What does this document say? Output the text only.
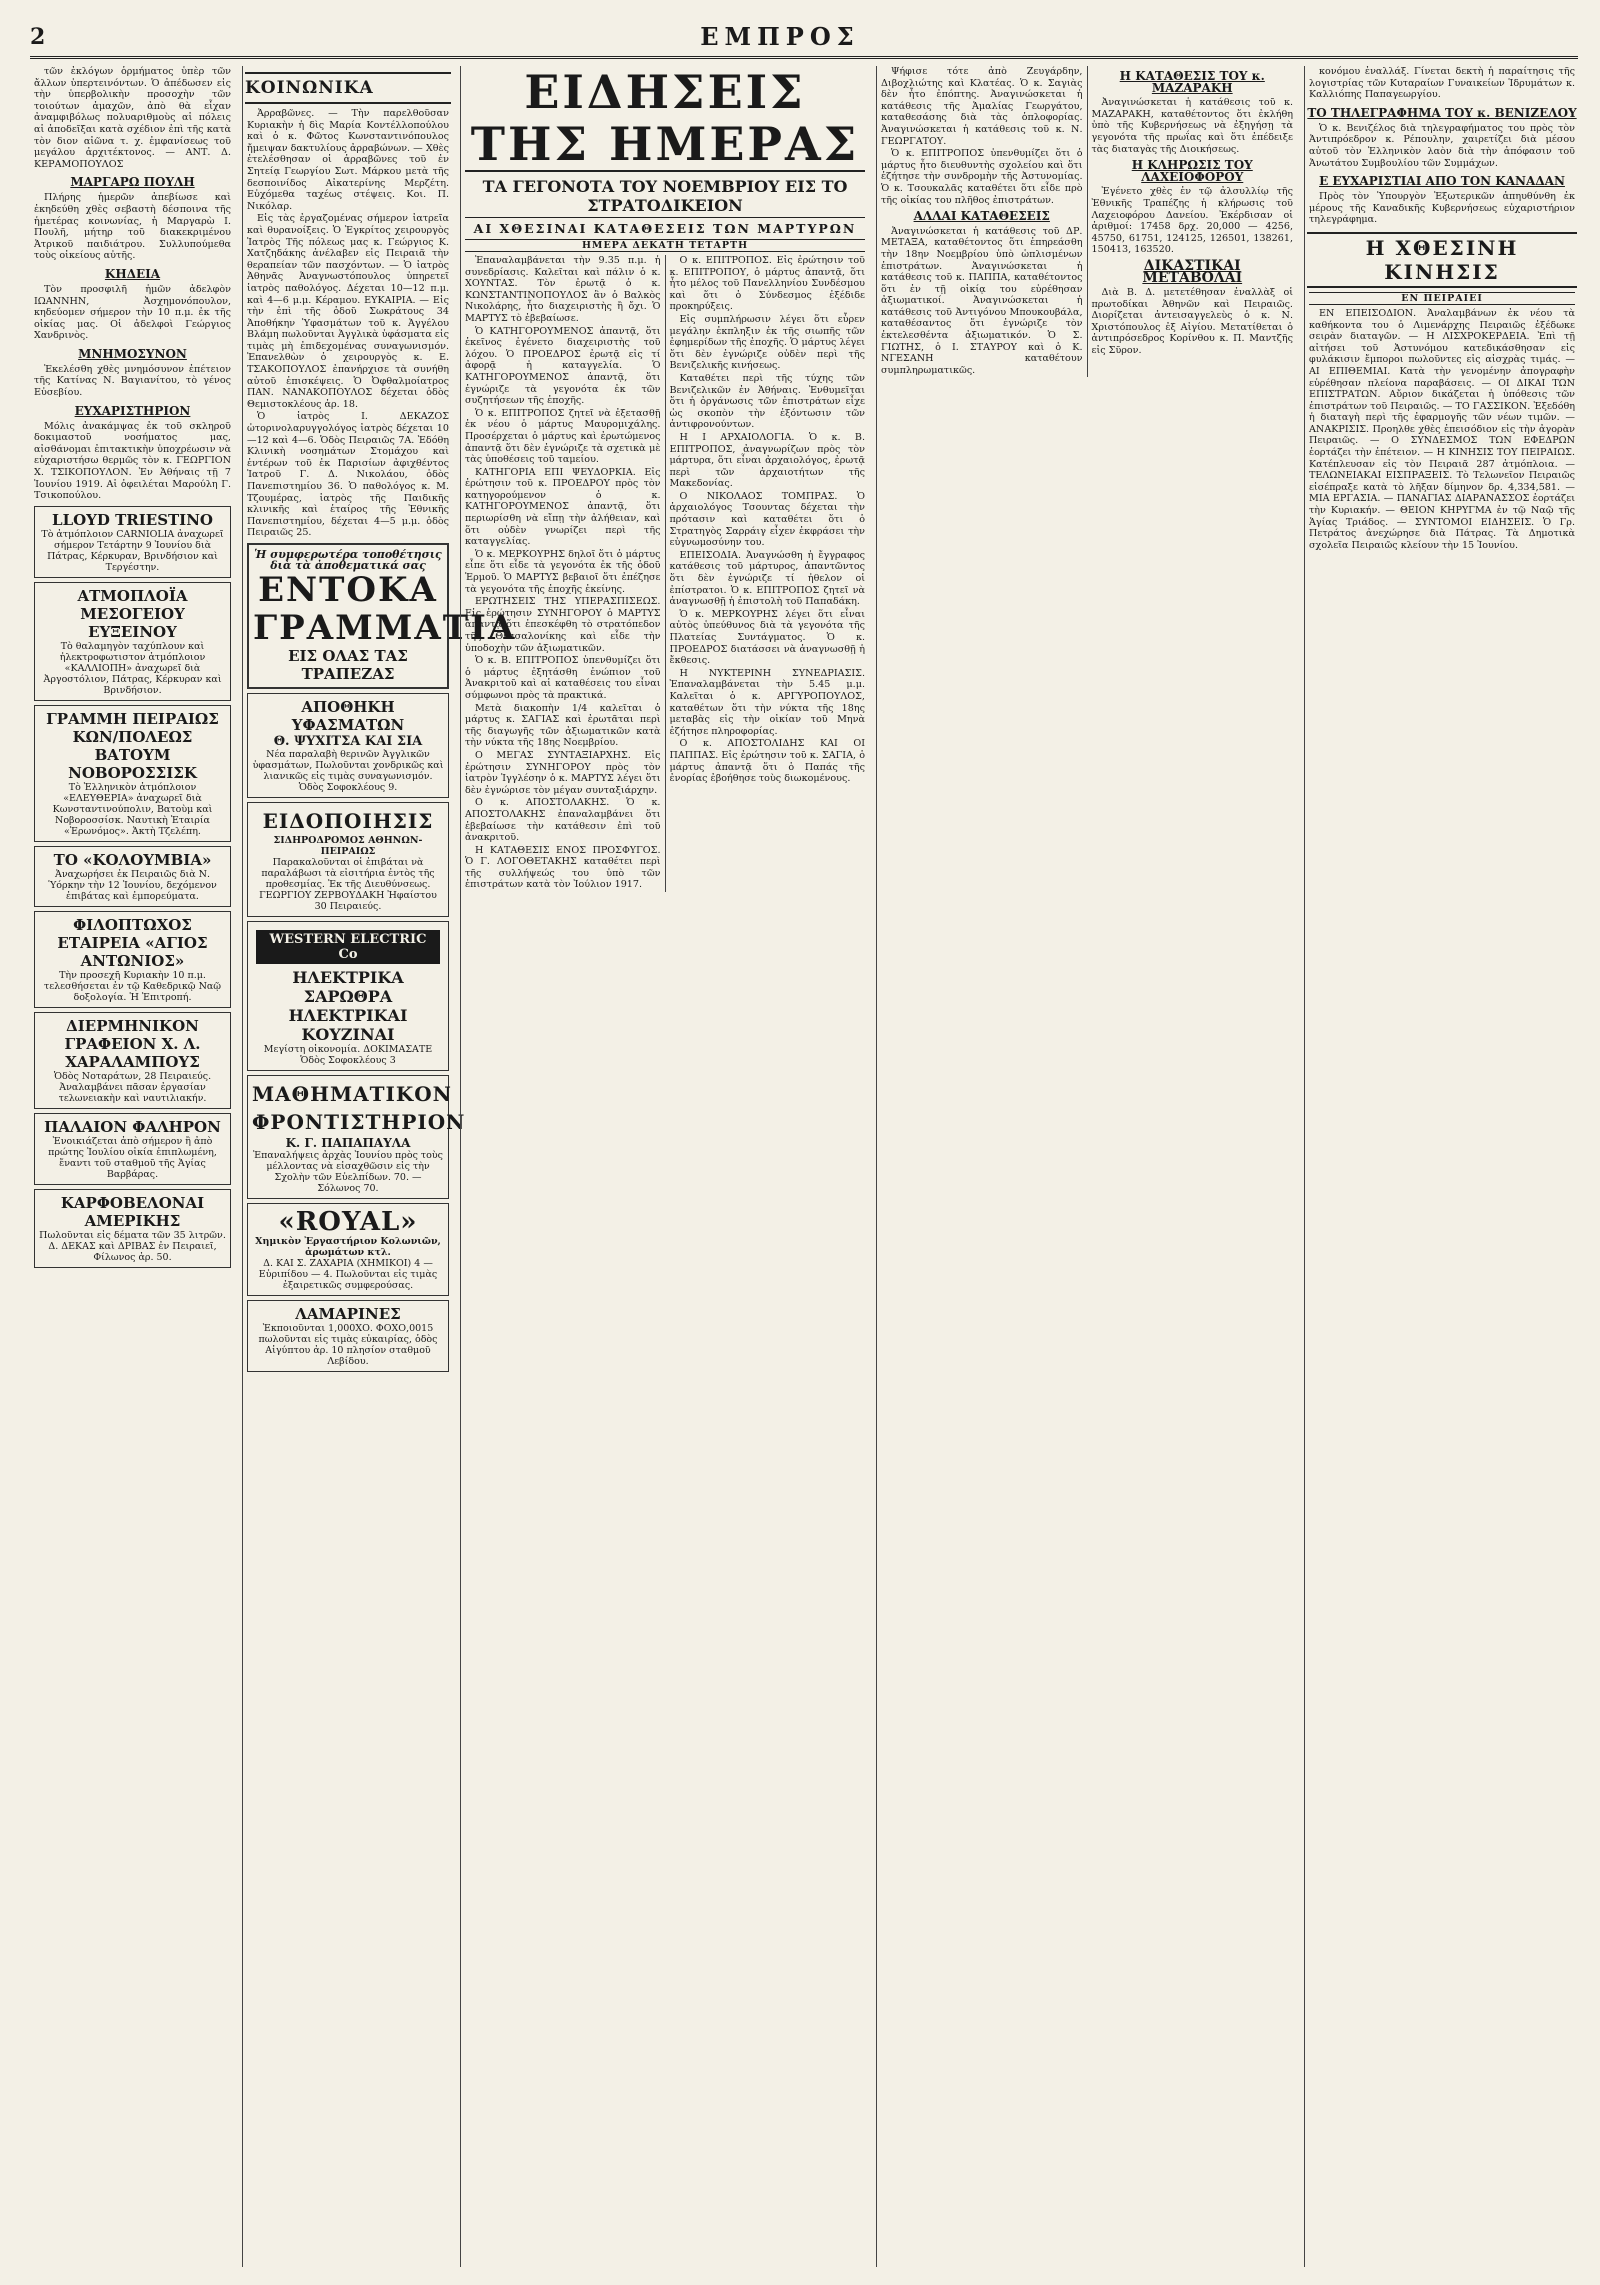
2	ΕΜΠΡΟΣ

τῶν ἐκλόγων ὁρμήματος ὑπὲρ τῶν ἄλλων ὑπερτεινόντων. Ὁ ἀπέδωσεν εἰς τὴν ὑπερβολικὴν προσοχὴν τῶν τοιούτων ἀμαχῶν, ἀπὸ θὰ εἶχαν ἀναμφιβόλως πολυαριθμοὺς αἱ πόλεις αἱ ἀποδεῖξαι κατὰ σχέδιον ἐπὶ τῆς κατὰ τὸν διον αἰῶνα τ. χ. ἐμφανίσεως τοῦ μεγάλου ἀρχιτέκτονος. — ΑΝΤ. Δ. ΚΕΡΑΜΟΠΟΥΛΟΣ

ΜΑΡΓΑΡΩ ΠΟΥΛΗ

Πλήρης ἡμερῶν ἀπεβίωσε καὶ ἐκηδεύθη χθὲς σεβαστὴ δέσποινα τῆς ἡμετέρας κοινωνίας, ἡ Μαργαρὼ Ι. Πουλῆ, μήτηρ τοῦ διακεκριμένου Ἀτρικοῦ παιδιάτρου. Συλλυπούμεθα τοὺς οἰκείους αὐτῆς.

ΚΗΔΕΙΑ

Τὸν προσφιλῆ ἡμῶν ἀδελφὸν ΙΩΑΝΝΗΝ, Ἀσχημονόπουλον, κηδεύομεν σήμερον τὴν 10 π.μ. ἐκ τῆς οἰκίας μας. Οἱ ἀδελφοὶ Γεώργιος Χανδρινὸς.

ΜΝΗΜΟΣΥΝΟΝ

Ἐκελέσθη χθὲς μνημόσυνον ἐπέτειον τῆς Κατίνας Ν. Βαγιανίτου, τὸ γένος Εὐσεβίου.

ΕΥΧΑΡΙΣΤΗΡΙΟΝ

Μόλις ἀνακάμψας ἐκ τοῦ σκληροῦ δοκιμαστοῦ νοσήματος μας, αἰσθάνομαι ἐπιτακτικὴν ὑποχρέωσιν νὰ εὐχαριστήσω θερμῶς τὸν κ. ΓΕΩΡΓΙΟΝ Χ. ΤΣΙΚΟΠΟΥΛΟΝ. Ἐν Ἀθήναις τῇ 7 Ἰουνίου 1919. Αἱ ὀφειλέται Μαρούλη Γ. Τσικοπούλου.

LLOYD TRIESTINO
Τὸ ἀτμόπλοιον CARNIOLIA ἀναχωρεῖ σήμερον Τετάρτην 9 Ἰουνίου διὰ Πάτρας, Κέρκυραν, Βρινδήσιον καὶ Τεργέστην.
ΑΤΜΟΠΛΟΪΑ ΜΕΣΟΓΕΙΟΥ ΕΥΞΕΙΝΟΥ
Τὸ θαλαμηγὸν ταχύπλουν καὶ ἠλεκτροφωτιστον ἀτμόπλοιον «ΚΑΛΛΙΟΠΗ» ἀναχωρεῖ διὰ Ἀργοστόλιον, Πάτρας, Κέρκυραν καὶ Βρινδήσιον.
ΓΡΑΜΜΗ ΠΕΙΡΑΙΩΣ ΚΩΝ/ΠΟΛΕΩΣ ΒΑΤΟΥΜ ΝΟΒΟΡΟΣΣΙΣΚ
Τὸ Ἑλληνικὸν ἀτμόπλοιον «ΕΛΕΥΘΕΡΙΑ» ἀναχωρεῖ διὰ Κωνσταντινούπολιν, Βατοὺμ καὶ Νοβοροσσίσκ. Ναυτικὴ Ἑταιρία «Ἐρωνόμος». Ἀκτὴ Τζελέπη.
ΤΟ «ΚΟΛΟΥΜΒΙΑ»
Ἀναχωρήσει ἐκ Πειραιῶς διὰ Ν. Ὑόρκην τὴν 12 Ἰουνίου, δεχόμενον ἐπιβάτας καὶ ἐμπορεύματα.
ΦΙΛΟΠΤΩΧΟΣ ΕΤΑΙΡΕΙΑ «ΑΓΙΟΣ ΑΝΤΩΝΙΟΣ»
Τὴν προσεχῆ Κυριακὴν 10 π.μ. τελεσθήσεται ἐν τῷ Καθεδρικῷ Ναῷ δοξολογία. Ἡ Ἐπιτροπή.
ΔΙΕΡΜΗΝΙΚΟΝ ΓΡΑΦΕΙΟΝ Χ. Λ. ΧΑΡΑΛΑΜΠΟΥΣ
Ὁδὸς Νοταράτων, 28 Πειραιεύς. Ἀναλαμβάνει πᾶσαν ἐργασίαν τελωνειακὴν καὶ ναυτιλιακήν.
ΠΑΛΑΙΟΝ ΦΑΛΗΡΟΝ
Ἐνοικιάζεται ἀπὸ σήμερον ἢ ἀπὸ πρώτης Ἰουλίου οἰκία ἐπιπλωμένη, ἔναντι τοῦ σταθμοῦ τῆς Ἀγίας Βαρβάρας.
ΚΑΡΦΟΒΕΛΟΝΑΙ ΑΜΕΡΙΚΗΣ
Πωλοῦνται εἰς δέματα τῶν 35 λιτρῶν. Δ. ΔΕΚΑΣ καὶ ΔΡΙΒΑΣ ἐν Πειραιεῖ, Φίλωνος ἀρ. 50.
ΚΟΙΝΩΝΙΚΑ

Ἀρραβῶνες. — Τὴν παρελθοῦσαν Κυριακὴν ἡ δὶς Μαρία Κοντέλλοπούλου καὶ ὁ κ. Φῶτος Κωνσταντινόπουλος ἤμειψαν δακτυλίους ἀρραβώνων. — Χθὲς ἐτελέσθησαν οἱ ἀρραβῶνες τοῦ ἐν Σητείᾳ Γεωργίου Σωτ. Μάρκου μετὰ τῆς δεσποινίδος Αἰκατερίνης Μερζέτη. Εὐχόμεθα ταχέως στέψεις. Κοι. Π. Νικόλαρ.

Εἰς τὰς ἐργαζομένας σήμερον ἰατρεῖα καὶ θυρανοίξεις. Ὁ Ἐγκρίτος χειρουργὸς Ἰατρὸς Τῆς πόλεως μας κ. Γεώργιος Κ. Χατζηδάκης ἀνέλαβεν εἰς Πειραιᾶ τὴν θεραπείαν τῶν πασχόντων. — Ὁ ἰατρὸς Ἀθηνᾶς Ἀναγνωστόπουλος ὑπηρετεῖ ἰατρὸς παθολόγος. Δέχεται 10—12 π.μ. καὶ 4—6 μ.μ. Κέραμου. ΕΥΚΑΙΡΙΑ. — Εἰς τὴν ἐπὶ τῆς ὁδοῦ Σωκράτους 34 Ἀποθήκην Ὑφασμάτων τοῦ κ. Ἀγγέλου Βλάμη πωλοῦνται Ἀγγλικὰ ὑφάσματα εἰς τιμὰς μὴ ἐπιδεχομένας συναγωνισμόν. Ἐπανελθὼν ὁ χειρουργὸς κ. Ε. ΤΣΑΚΟΠΟΥΛΟΣ ἐπανήρχισε τὰ συνήθη αὐτοῦ ἐπισκέψεις. Ὁ Ὀφθαλμοίατρος ΠΑΝ. ΝΑΝΑΚΟΠΟΥΛΟΣ δέχεται ὁδὸς Θεμιστοκλέους ἀρ. 18.

Ὁ ἰατρὸς Ι. ΔΕΚΑΖΟΣ ὠτορινολαρυγγολόγος ἰατρὸς δέχεται 10—12 καὶ 4—6. Ὁδὸς Πειραιῶς 7Α. Ἐδόθη Κλινικὴ νοσημάτων Στομάχου καὶ ἐντέρων τοῦ ἐκ Παρισίων ἀφιχθέντος Ἰατροῦ Γ. Δ. Νικολάου, ὁδὸς Πανεπιστημίου 36. Ὁ παθολόγος κ. Μ. Τζουμέρας, ἱατρὸς τῆς Παιδικῆς κλινικῆς καὶ ἑταίρος τῆς Ἐθνικῆς Πανεπιστημίου, δέχεται 4—5 μ.μ. ὁδὸς Πειραιῶς 25.

Ἡ συμφερωτέρα τοποθέτησις διὰ τὰ ἀποθεματικά σας
ΕΝΤΟΚΑ ΓΡΑΜΜΑΤΙΑ
ΕΙΣ ΟΛΑΣ ΤΑΣ ΤΡΑΠΕΖΑΣ
ΑΠΟΘΗΚΗ ΥΦΑΣΜΑΤΩΝ
Θ. ΨΥΧΙΤΣΑ ΚΑΙ ΣΙΑ
Νέα παραλαβὴ θερινῶν Ἀγγλικῶν ὑφασμάτων, Πωλοῦνται χονδρικῶς καὶ λιανικῶς εἰς τιμὰς συναγωνισμόν. Ὁδὸς Σοφοκλέους 9.
ΕΙΔΟΠΟΙΗΣΙΣ
ΣΙΔΗΡΟΔΡΟΜΟΣ ΑΘΗΝΩΝ-ΠΕΙΡΑΙΩΣ
Παρακαλοῦνται οἱ ἐπιβάται νὰ παραλάβωσι τὰ εἰσιτήρια ἐντὸς τῆς προθεσμίας. Ἐκ τῆς Διευθύνσεως. ΓΕΩΡΓΙΟΥ ΖΕΡΒΟΥΔΑΚΗ Ἠφαίστου 30 Πειραιεύς.
WESTERN ELECTRIC Co
ΗΛΕΚΤΡΙΚΑ ΣΑΡΩΘΡΑ ΗΛΕΚΤΡΙΚΑΙ ΚΟΥΖΙΝΑΙ
Μεγίστη οἰκονομία. ΔΟΚΙΜΑΣΑΤΕ Ὁδὸς Σοφοκλέους 3
ΜΑΘΗΜΑΤΙΚΟΝ ΦΡΟΝΤΙΣΤΗΡΙΟΝ
Κ. Γ. ΠΑΠΑΠΑΥΛΑ
Ἐπαναλήψεις ἀρχὰς Ἰουνίου πρὸς τοὺς μέλλοντας νὰ εἰσαχθῶσιν εἰς τὴν Σχολὴν τῶν Εὐελπίδων. 70. — Σόλωνος 70.
«ROYAL»
Χημικὸν Ἐργαστήριον Κολωνιῶν, ἀρωμάτων κτλ.
Δ. ΚΑΙ Σ. ΖΑΧΑΡΙΑ (ΧΗΜΙΚΟΙ) 4 — Εὐριπίδου — 4. Πωλοῦνται εἰς τιμὰς ἐξαιρετικῶς συμφερούσας.
ΛΑΜΑΡΙΝΕΣ
Ἐκποιοῦνται 1,000ΧΟ. ΦΟΧΟ,0015 πωλοῦνται εἰς τιμὰς εὐκαιρίας, ὁδὸς Αἰγύπτου ἀρ. 10 πλησίον σταθμοῦ Λεβίδου.
ΕΙΔΗΣΕΙΣ ΤΗΣ ΗΜΕΡΑΣ
ΤΑ ΓΕΓΟΝΟΤΑ ΤΟΥ ΝΟΕΜΒΡΙΟΥ ΕΙΣ ΤΟ ΣΤΡΑΤΟΔΙΚΕΙΟΝ
ΑΙ ΧΘΕΣΙΝΑΙ ΚΑΤΑΘΕΣΕΙΣ ΤΩΝ ΜΑΡΤΥΡΩΝ
ΗΜΕΡΑ ΔΕΚΑΤΗ ΤΕΤΑΡΤΗ

Ἐπαναλαμβάνεται τὴν 9.35 π.μ. ἡ συνεδρίασις. Καλεῖται καὶ πάλιν ὁ κ. ΧΟΥΝΤΑΣ. Τὸν ἐρωτᾷ ὁ κ. ΚΩΝΣΤΑΝΤΙΝΟΠΟΥΛΟΣ ἂν ὁ Βαλκὸς Νικολάρης, ἦτο διαχειριστὴς ἢ ὄχι. Ὁ ΜΑΡΤΥΣ τὸ ἐβεβαίωσε.

Ὁ ΚΑΤΗΓΟΡΟΥΜΕΝΟΣ ἀπαντᾷ, ὅτι ἐκεῖνος ἐγένετο διαχειριστὴς τοῦ λόχου. Ὁ ΠΡΟΕΔΡΟΣ ἐρωτᾷ εἰς τί ἀφορᾷ ἡ καταγγελία. Ὁ ΚΑΤΗΓΟΡΟΥΜΕΝΟΣ ἀπαντᾷ, ὅτι ἐγνώριζε τὰ γεγονότα ἐκ τῶν συζητήσεων τῆς ἐποχῆς.

Ὁ κ. ΕΠΙΤΡΟΠΟΣ ζητεῖ νὰ ἐξετασθῇ ἐκ νέου ὁ μάρτυς Μαυρομιχάλης. Προσέρχεται ὁ μάρτυς καὶ ἐρωτώμενος ἀπαντᾷ ὅτι δὲν ἐγνώριζε τὰ σχετικὰ μὲ τὰς ὑποθέσεις τοῦ ταμείου.

ΚΑΤΗΓΟΡΙΑ ΕΠΙ ΨΕΥΔΟΡΚΙΑ. Εἰς ἐρώτησιν τοῦ κ. ΠΡΟΕΔΡΟΥ πρὸς τὸν κατηγορούμενον ὁ κ. ΚΑΤΗΓΟΡΟΥΜΕΝΟΣ ἀπαντᾷ, ὅτι περιωρίσθη νὰ εἴπῃ τὴν ἀλήθειαν, καὶ ὅτι οὐδὲν γνωρίζει περὶ τῆς καταγγελίας.

Ὁ κ. ΜΕΡΚΟΥΡΗΣ δηλοῖ ὅτι ὁ μάρτυς εἶπε ὅτι εἶδε τὰ γεγονότα ἐκ τῆς ὁδοῦ Ἑρμοῦ. Ὁ ΜΑΡΤΥΣ βεβαιοῖ ὅτι ἐπέζησε τὰ γεγονότα τῆς ἐποχῆς ἐκείνης.

ΕΡΩΤΗΣΕΙΣ ΤΗΣ ΥΠΕΡΑΣΠΙΣΕΩΣ. Εἰς ἐρώτησιν ΣΥΝΗΓΟΡΟΥ ὁ ΜΑΡΤΥΣ ἀπαντᾷ ὅτι ἐπεσκέφθη τὸ στρατόπεδον τῆς Θεσσαλονίκης καὶ εἶδε τὴν ὑποδοχὴν τῶν ἀξιωματικῶν.

Ὁ κ. Β. ΕΠΙΤΡΟΠΟΣ ὑπενθυμίζει ὅτι ὁ μάρτυς ἐξητάσθη ἐνώπιον τοῦ Ἀνακριτοῦ καὶ αἱ καταθέσεις του εἶναι σύμφωνοι πρὸς τὰ πρακτικά.

Μετὰ διακοπὴν 1/4 καλεῖται ὁ μάρτυς κ. ΣΑΓΙΑΣ καὶ ἐρωτᾶται περὶ τῆς διαγωγῆς τῶν ἀξιωματικῶν κατὰ τὴν νύκτα τῆς 18ης Νοεμβρίου.

Ο ΜΕΓΑΣ ΣΥΝΤΑΞΙΑΡΧΗΣ. Εἰς ἐρώτησιν ΣΥΝΗΓΟΡΟΥ πρὸς τὸν ἰατρὸν Ἰγγλέσην ὁ κ. ΜΑΡΤΥΣ λέγει ὅτι δὲν ἐγνώρισε τὸν μέγαν συνταξιάρχην.

Ο κ. ΑΠΟΣΤΟΛΑΚΗΣ. Ὁ κ. ΑΠΟΣΤΟΛΑΚΗΣ ἐπαναλαμβάνει ὅτι ἐβεβαίωσε τὴν κατάθεσιν ἐπὶ τοῦ ἀνακριτοῦ.

Η ΚΑΤΑΘΕΣΙΣ ΕΝΟΣ ΠΡΟΣΦΥΓΟΣ. Ὁ Γ. ΛΟΓΟΘΕΤΑΚΗΣ καταθέτει περὶ τῆς συλλήψεώς του ὑπὸ τῶν ἐπιστράτων κατὰ τὸν Ἰούλιον 1917.

Ο κ. ΕΠΙΤΡΟΠΟΣ. Εἰς ἐρώτησιν τοῦ κ. ΕΠΙΤΡΟΠΟΥ, ὁ μάρτυς ἀπαντᾷ, ὅτι ἦτο μέλος τοῦ Πανελληνίου Συνδέσμου καὶ ὅτι ὁ Σύνδεσμος ἐξέδιδε προκηρύξεις.

Εἰς συμπλήρωσιν λέγει ὅτι εὗρεν μεγάλην ἐκπληξιν ἐκ τῆς σιωπῆς τῶν ἐφημερίδων τῆς ἐποχῆς. Ὁ μάρτυς λέγει ὅτι δὲν ἐγνώριζε οὐδὲν περὶ τῆς Βενιζελικῆς κινήσεως.

Καταθέτει περὶ τῆς τύχης τῶν Βενιζελικῶν ἐν Ἀθήναις. Ἐνθυμεῖται ὅτι ἡ ὀργάνωσις τῶν ἐπιστράτων εἶχε ὡς σκοπὸν τὴν ἐξόντωσιν τῶν ἀντιφρονούντων.

Η Ι ΑΡΧΑΙΟΛΟΓΙΑ. Ὁ κ. Β. ΕΠΙΤΡΟΠΟΣ, ἀναγνωρίζων πρὸς τὸν μάρτυρα, ὅτι εἶναι ἀρχαιολόγος, ἐρωτᾷ περὶ τῶν ἀρχαιοτήτων τῆς Μακεδονίας.

Ο ΝΙΚΟΛΑΟΣ ΤΟΜΠΡΑΣ. Ὁ ἀρχαιολόγος Τσουντας δέχεται τὴν πρότασιν καὶ καταθέτει ὅτι ὁ Στρατηγὸς Σαρράιγ εἶχεν ἐκφράσει τὴν εὐγνωμοσύνην του.

ΕΠΕΙΣΟΔΙΑ. Ἀναγνώσθη ἡ ἔγγραφος κατάθεσις τοῦ μάρτυρος, ἀπαντῶντος ὅτι δὲν ἐγνώριζε τί ἠθελον οἱ ἐπίστρατοι. Ὁ κ. ΕΠΙΤΡΟΠΟΣ ζητεῖ νὰ ἀναγνωσθῇ ἡ ἐπιστολὴ τοῦ Παπαδάκη.

Ὁ κ. ΜΕΡΚΟΥΡΗΣ λέγει ὅτι εἶναι αὐτὸς ὑπεύθυνος διὰ τὰ γεγονότα τῆς Πλατείας Συντάγματος. Ὁ κ. ΠΡΟΕΔΡΟΣ διατάσσει νὰ ἀναγνωσθῇ ἡ ἔκθεσις.

Η ΝΥΚΤΕΡΙΝΗ ΣΥΝΕΔΡΙΑΣΙΣ. Ἐπαναλαμβάνεται τὴν 5.45 μ.μ. Καλεῖται ὁ κ. ΑΡΓΥΡΟΠΟΥΛΟΣ, καταθέτων ὅτι τὴν νύκτα τῆς 18ης μεταβὰς εἰς τὴν οἰκίαν τοῦ Μηνὰ ἐζήτησε πληροφορίας.

Ο κ. ΑΠΟΣΤΟΛΙΔΗΣ ΚΑΙ ΟΙ ΠΑΠΠΑΣ. Εἰς ἐρώτησιν τοῦ κ. ΣΑΓΙΑ, ὁ μάρτυς ἀπαντᾷ ὅτι ὁ Παπάς τῆς ἐνορίας ἐβοήθησε τοὺς διωκομένους.

Ψήφισε τότε ἀπὸ Ζευγάρδην, Διβοχλιώτης καὶ Κλατέας. Ὁ κ. Σαγιὰς δὲν ἦτο ἐπόπτης. Ἀναγινώσκεται ἡ κατάθεσις τῆς Ἀμαλίας Γεωργάτου, καταθεσάσης διὰ τὰς ὁπλοφορίας. Ἀναγινώσκεται ἡ κατάθεσις τοῦ κ. Ν. ΓΕΩΡΓΑΤΟΥ.

Ὁ κ. ΕΠΙΤΡΟΠΟΣ ὑπενθυμίζει ὅτι ὁ μάρτυς ἦτο διευθυντὴς σχολείου καὶ ὅτι ἐζήτησε τὴν συνδρομὴν τῆς Ἀστυνομίας. Ὁ κ. Τσουκαλᾶς καταθέτει ὅτι εἶδε πρὸ τῆς οἰκίας του πλῆθος ἐπιστράτων.

ΑΛΛΑΙ ΚΑΤΑΘΕΣΕΙΣ

Ἀναγινώσκεται ἡ κατάθεσις τοῦ ΔΡ. ΜΕΤΑΞΑ, καταθέτοντος ὅτι ἐπηρεάσθη τὴν 18ην Νοεμβρίου ὑπὸ ὡπλισμένων ἐπιστράτων. Ἀναγινώσκεται ἡ κατάθεσις τοῦ κ. ΠΑΠΠΑ, καταθέτοντος ὅτι ἐν τῇ οἰκίᾳ του εὑρέθησαν ἀξιωματικοί. Ἀναγινώσκεται ἡ κατάθεσις τοῦ Ἀντιγόνου Μπουκουβάλα, καταθέσαντος ὅτι ἐγνώριζε τὸν ἐκτελεσθέντα ἀξιωματικόν. Ὁ Σ. ΓΙΩΤΗΣ, ὁ Ι. ΣΤΑΥΡΟΥ καὶ ὁ Κ. ΝΓΕΣΑΝΗ καταθέτουν συμπληρωματικῶς.

Η ΚΑΤΑΘΕΣΙΣ ΤΟΥ κ. ΜΑΖΑΡΑΚΗ

Ἀναγινώσκεται ἡ κατάθεσις τοῦ κ. ΜΑΖΑΡΑΚΗ, καταθέτοντος ὅτι ἐκλήθη ὑπὸ τῆς Κυβερνήσεως νὰ ἐξηγήσῃ τὰ γεγονότα τῆς πρωΐας καὶ ὅτι ἐπέδειξε τὰς διαταγὰς τῆς Διοικήσεως.

Η ΚΛΗΡΩΣΙΣ ΤΟΥ ΛΑΧΕΙΟΦΟΡΟΥ

Ἐγένετο χθὲς ἐν τῷ ἀλσυλλίῳ τῆς Ἐθνικῆς Τραπέζης ἡ κλήρωσις τοῦ Λαχειοφόρου Δανείου. Ἐκέρδισαν οἱ ἀριθμοί: 17458 δρχ. 20,000 — 4256, 45750, 61751, 124125, 126501, 138261, 150413, 163520.

ΔΙΚΑΣΤΙΚΑΙ ΜΕΤΑΒΟΛΑΙ

Διὰ Β. Δ. μετετέθησαν ἐναλλὰξ οἱ πρωτοδίκαι Ἀθηνῶν καὶ Πειραιῶς. Διορίζεται ἀντεισαγγελεὺς ὁ κ. Ν. Χριστόπουλος ἐξ Αἰγίου. Μετατίθεται ὁ ἀντιπρόσεδρος Κορίνθου κ. Π. Μαντζῆς εἰς Σῦρον.

κονόμου ἐναλλάξ. Γίνεται δεκτὴ ἡ παραίτησις τῆς λογιστρίας τῶν Κυταραίων Γυναικείων Ἱδρυμάτων κ. Καλλιόπης Παπαγεωργίου.

ΤΟ ΤΗΛΕΓΡΑΦΗΜΑ ΤΟΥ κ. ΒΕΝΙΖΕΛΟΥ

Ὁ κ. Βενιζέλος διὰ τηλεγραφήματος του πρὸς τὸν Ἀντιπρόεδρον κ. Ρέπουλην, χαιρετίζει διὰ μέσου αὐτοῦ τὸν Ἑλληνικὸν λαὸν διὰ τὴν ἀπόφασιν τοῦ Ἀνωτάτου Συμβουλίου τῶν Συμμάχων.

Ε ΕΥΧΑΡΙΣΤΙΑΙ ΑΠΟ ΤΟΝ ΚΑΝΑΔΑΝ

Πρὸς τὸν Ὑπουργὸν Ἐξωτερικῶν ἀπηυθύνθη ἐκ μέρους τῆς Καναδικῆς Κυβερνήσεως εὐχαριστήριον τηλεγράφημα.

Η ΧΘΕΣΙΝΗ ΚΙΝΗΣΙΣ
ΕΝ ΠΕΙΡΑΙΕΙ

ΕΝ ΕΠΕΙΣΟΔΙΟΝ. Ἀναλαμβάνων ἐκ νέου τὰ καθήκοντα του ὁ Λιμενάρχης Πειραιῶς ἐξέδωκε σειρὰν διαταγῶν. — Η ΛΙΣΧΡΟΚΕΡΔΕΙΑ. Ἐπὶ τῇ αἰτήσει τοῦ Ἀστυνόμου κατεδικάσθησαν εἰς φυλάκισιν ἔμποροι πωλοῦντες εἰς αἰσχρὰς τιμάς. — ΑΙ ΕΠΙΘΕΜΙΑΙ. Κατὰ τὴν γενομένην ἀπογραφὴν εὑρέθησαν πλείονα παραβάσεις. — ΟΙ ΔΙΚΑΙ ΤΩΝ ΕΠΙΣΤΡΑΤΩΝ. Αὔριον δικάζεται ἡ ὑπόθεσις τῶν ἐπιστράτων τοῦ Πειραιῶς. — ΤΟ ΓΑΣΣΙΚΟΝ. Ἐξεδόθη ἡ διαταγὴ περὶ τῆς ἐφαρμογῆς τῶν νέων τιμῶν. — ΑΝΑΚΡΙΣΙΣ. Προηλθε χθὲς ἐπεισόδιον εἰς τὴν ἀγορὰν Πειραιῶς. — Ο ΣΥΝΔΕΣΜΟΣ ΤΩΝ ΕΦΕΔΡΩΝ ἑορτάζει τὴν ἐπέτειον. — Η ΚΙΝΗΣΙΣ ΤΟΥ ΠΕΙΡΑΙΩΣ. Κατέπλευσαν εἰς τὸν Πειραιᾶ 287 ἀτμόπλοια. — ΤΕΛΩΝΕΙΑΚΑΙ ΕΙΣΠΡΑΞΕΙΣ. Τὸ Τελωνεῖον Πειραιῶς εἰσέπραξε κατὰ τὸ λῆξαν δίμηνον δρ. 4,334,581. — ΜΙΑ ΕΡΓΑΣΙΑ. — ΠΑΝΑΓΙΑΣ ΔΙΑΡΑΝΑΣΣΟΣ ἑορτάζει τὴν Κυριακήν. — ΘΕΙΟΝ ΚΗΡΥΓΜΑ ἐν τῷ Ναῷ τῆς Ἁγίας Τριάδος. — ΣΥΝΤΟΜΟΙ ΕΙΔΗΣΕΙΣ. Ὁ Γρ. Πετράτος ἀνεχώρησε διὰ Πάτρας. Τὰ Δημοτικὰ σχολεῖα Πειραιῶς κλείουν τὴν 15 Ἰουνίου.
